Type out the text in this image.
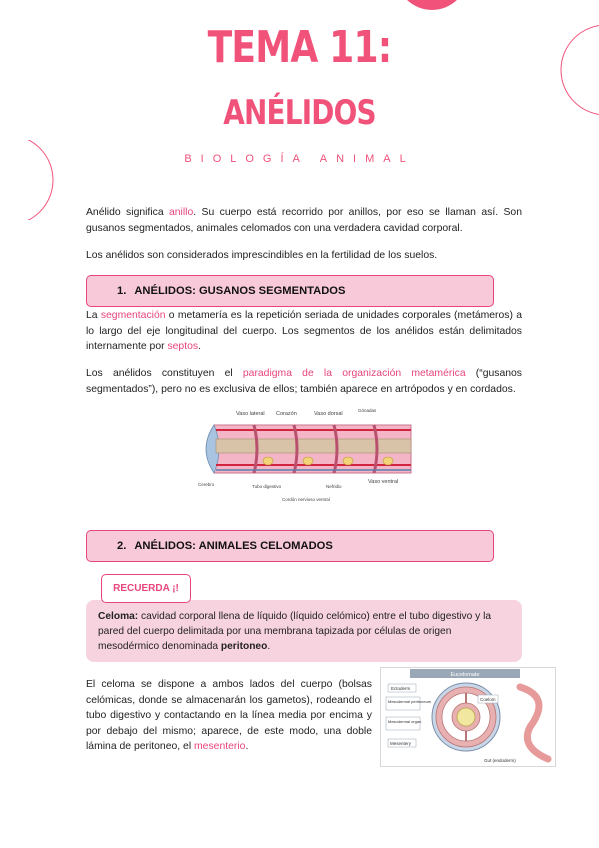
TEMA 11:
ANÉLIDOS
BIOLOGÍA ANIMAL

Anélido significa anillo. Su cuerpo está recorrido por anillos, por eso se llaman así. Son gusanos segmentados, animales celomados con una verdadera cavidad corporal.

Los anélidos son considerados imprescindibles en la fertilidad de los suelos.

1. ANÉLIDOS: GUSANOS SEGMENTADOS

La segmentación o metamería es la repetición seriada de unidades corporales (metámeros) a lo largo del eje longitudinal del cuerpo. Los segmentos de los anélidos están delimitados internamente por septos.

Los anélidos constituyen el paradigma de la organización metamérica (“gusanos segmentados”), pero no es exclusiva de ellos; también aparece en artrópodos y en cordados.

Vaso lateral Corazón	Vaso dorsal
Gónadas
Cerebro	Tubo digestivo	Nefridio
Vaso ventral
Cordón nervioso ventral
2. ANÉLIDOS: ANIMALES CELOMADOS
RECUERDA ¡!

Celoma: cavidad corporal llena de líquido (líquido celómico) entre el tubo digestivo y la pared del cuerpo delimitada por una membrana tapizada por células de origen mesodérmico denominada peritoneo.

El celoma se dispone a ambos lados del cuerpo (bolsas celómicas, donde se almacenarán los gametos), rodeando el tubo digestivo y contactando en la línea media por encima y por debajo del mismo; aparece, de este modo, una doble lámina de peritoneo, el mesenterio.

Eucelomate
Ectoderm
Mesodermal peritoneum
Mesodermal organ
Mesentery
Coelom
Gut (endoderm)
